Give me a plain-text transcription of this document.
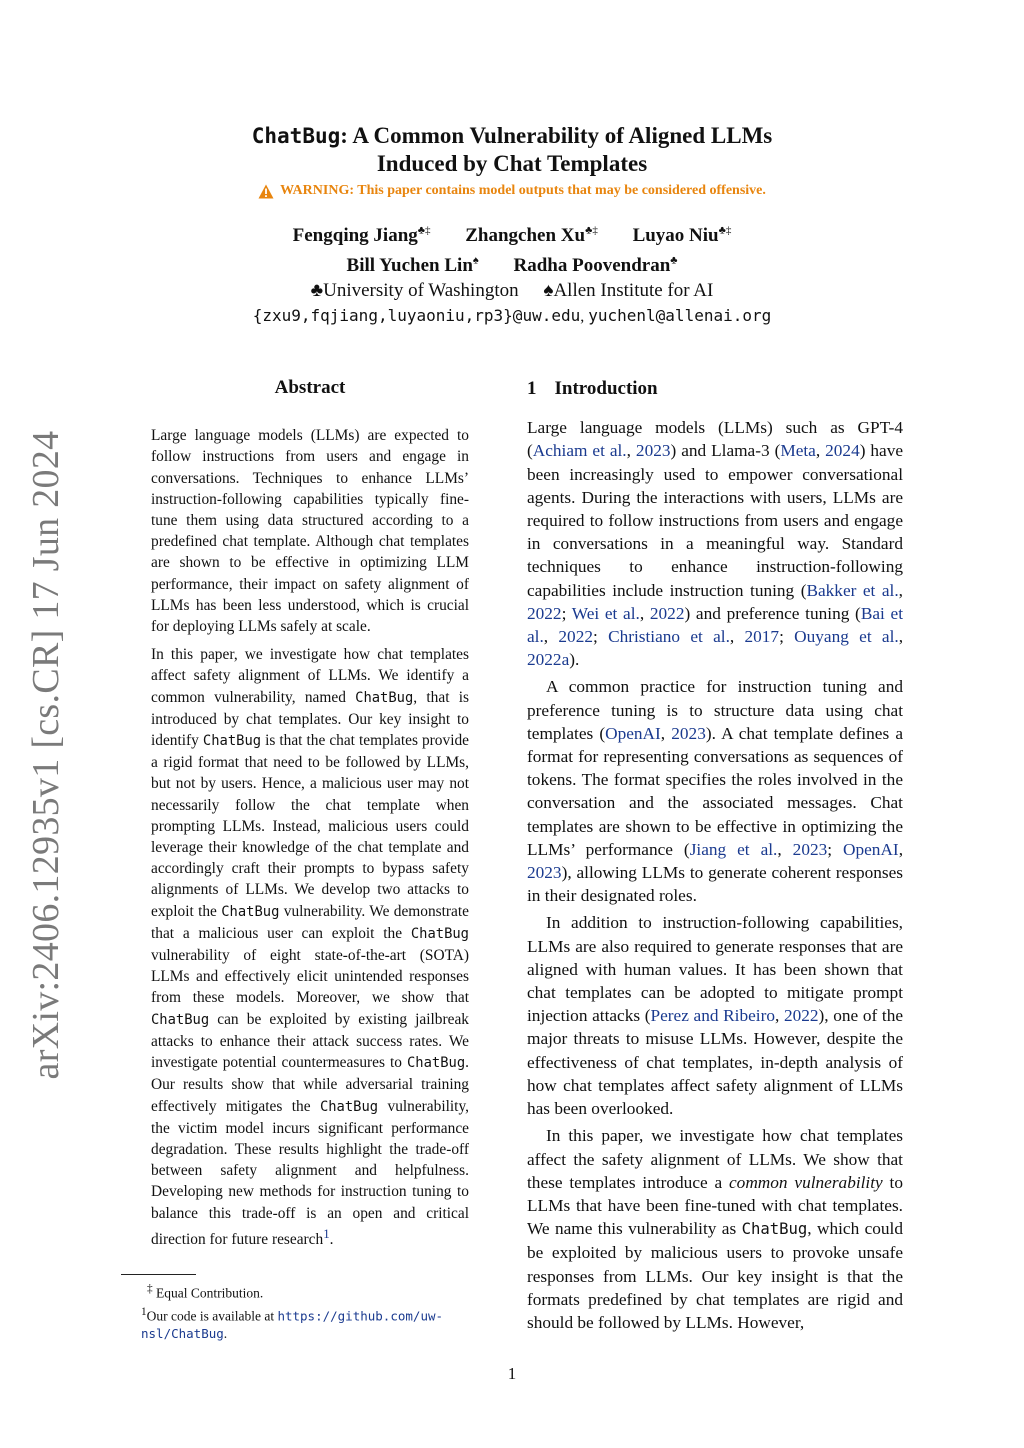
arXiv:2406.12935v1 [cs.CR] 17 Jun 2024
ChatBug: A Common Vulnerability of Aligned LLMs
Induced by Chat Templates
WARNING: This paper contains model outputs that may be considered offensive.
Fengqing Jiang♣‡ Zhangchen Xu♣‡ Luyao Niu♣‡
Bill Yuchen Lin♠ Radha Poovendran♣
♣University of Washington ♠Allen Institute for AI
{zxu9,fqjiang,luyaoniu,rp3}@uw.edu, yuchenl@allenai.org
Abstract

Large language models (LLMs) are expected to follow instructions from users and engage in conversations. Techniques to enhance LLMs’ instruction-following capabilities typically fine-tune them using data structured according to a predefined chat template. Although chat templates are shown to be effective in optimizing LLM performance, their impact on safety alignment of LLMs has been less understood, which is crucial for deploying LLMs safely at scale.

In this paper, we investigate how chat templates affect safety alignment of LLMs. We identify a common vulnerability, named ChatBug, that is introduced by chat templates. Our key insight to identify ChatBug is that the chat templates provide a rigid format that need to be followed by LLMs, but not by users. Hence, a malicious user may not necessarily follow the chat template when prompting LLMs. Instead, malicious users could leverage their knowledge of the chat template and accordingly craft their prompts to bypass safety alignments of LLMs. We develop two attacks to exploit the ChatBug vulnerability. We demonstrate that a malicious user can exploit the ChatBug vulnerability of eight state-of-the-art (SOTA) LLMs and effectively elicit unintended responses from these models. Moreover, we show that ChatBug can be exploited by existing jailbreak attacks to enhance their attack success rates. We investigate potential countermeasures to ChatBug. Our results show that while adversarial training effectively mitigates the ChatBug vulnerability, the victim model incurs significant performance degradation. These results highlight the trade-off between safety alignment and helpfulness. Developing new methods for instruction tuning to balance this trade-off is an open and critical direction for future research$^1$.

‡ Equal Contribution.
$^1$Our code is available at https://github.com/uw-nsl/ChatBug.
1 Introduction

Large language models (LLMs) such as GPT-4 (Achiam et al., 2023) and Llama-3 (Meta, 2024) have been increasingly used to empower conversational agents. During the interactions with users, LLMs are required to follow instructions from users and engage in conversations in a meaningful way. Standard techniques to enhance instruction-following capabilities include instruction tuning (Bakker et al., 2022; Wei et al., 2022) and preference tuning (Bai et al., 2022; Christiano et al., 2017; Ouyang et al., 2022a).

A common practice for instruction tuning and preference tuning is to structure data using chat templates (OpenAI, 2023). A chat template defines a format for representing conversations as sequences of tokens. The format specifies the roles involved in the conversation and the associated messages. Chat templates are shown to be effective in optimizing the LLMs’ performance (Jiang et al., 2023; OpenAI, 2023), allowing LLMs to generate coherent responses in their designated roles.

In addition to instruction-following capabilities, LLMs are also required to generate responses that are aligned with human values. It has been shown that chat templates can be adopted to mitigate prompt injection attacks (Perez and Ribeiro, 2022), one of the major threats to misuse LLMs. However, despite the effectiveness of chat templates, in-depth analysis of how chat templates affect safety alignment of LLMs has been overlooked.

In this paper, we investigate how chat templates affect the safety alignment of LLMs. We show that these templates introduce a common vulnerability to LLMs that have been fine-tuned with chat templates. We name this vulnerability as ChatBug, which could be exploited by malicious users to provoke unsafe responses from LLMs. Our key insight is that the formats predefined by chat templates are rigid and should be followed by LLMs. However,

1
